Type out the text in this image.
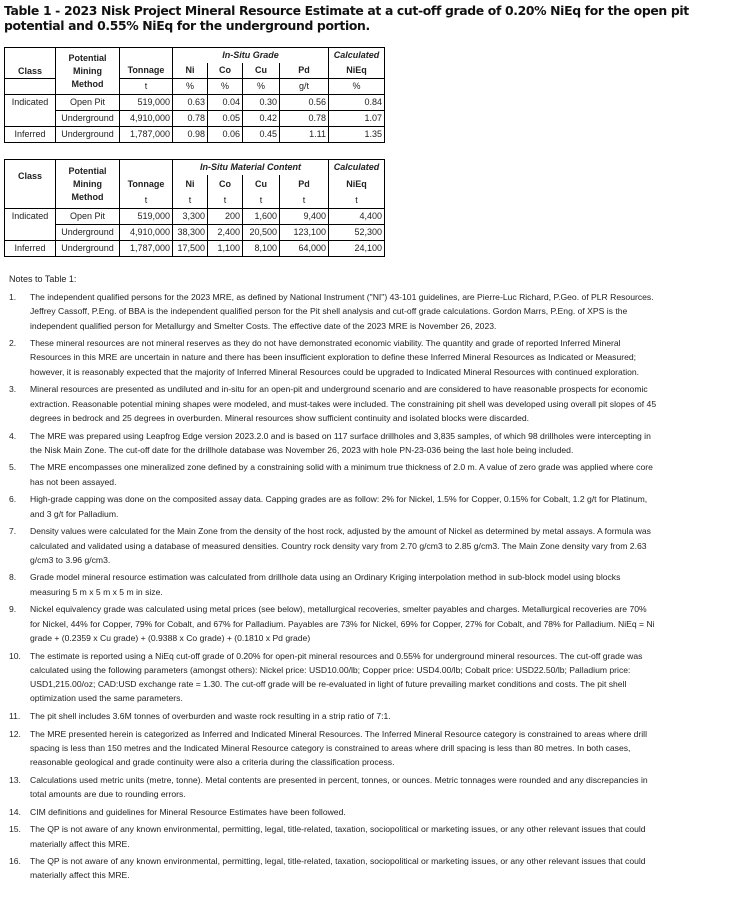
Table 1 - 2023 Nisk Project Mineral Resource Estimate at a cut-off grade of 0.20% NiEq for the open pit potential and 0.55% NiEq for the underground portion.
Class	Potential
Mining
Method		In-Situ Grade				Calculated
		Tonnage	Ni	Co	Cu	Pd	NiEq
		t	%	%	%	g/t	%
Indicated	Open Pit	519,000	0.63	0.04	0.30	0.56	0.84
	Underground	4,910,000	0.78	0.05	0.42	0.78	1.07
Inferred	Underground	1,787,000	0.98	0.06	0.45	1.11	1.35
Class	Potential
Mining
Method		In-Situ Material Content				Calculated
		Tonnage	Ni	Co	Cu	Pd	NiEq
		t	t	t	t	t	t
Indicated	Open Pit	519,000	3,300	200	1,600	9,400	4,400
	Underground	4,910,000	38,300	2,400	20,500	123,100	52,300
Inferred	Underground	1,787,000	17,500	1,100	8,100	64,000	24,100
Notes to Table 1:
1. The independent qualified persons for the 2023 MRE, as defined by National Instrument ("NI") 43-101 guidelines, are Pierre-Luc Richard, P.Geo. of PLR Resources. Jeffrey Cassoff, P.Eng. of BBA is the independent qualified person for the Pit shell analysis and cut-off grade calculations. Gordon Marrs, P.Eng. of XPS is the independent qualified person for Metallurgy and Smelter Costs. The effective date of the 2023 MRE is November 26, 2023.
2. These mineral resources are not mineral reserves as they do not have demonstrated economic viability. The quantity and grade of reported Inferred Mineral Resources in this MRE are uncertain in nature and there has been insufficient exploration to define these Inferred Mineral Resources as Indicated or Measured; however, it is reasonably expected that the majority of Inferred Mineral Resources could be upgraded to Indicated Mineral Resources with continued exploration.
3. Mineral resources are presented as undiluted and in-situ for an open-pit and underground scenario and are considered to have reasonable prospects for economic extraction. Reasonable potential mining shapes were modeled, and must-takes were included. The constraining pit shell was developed using overall pit slopes of 45 degrees in bedrock and 25 degrees in overburden. Mineral resources show sufficient continuity and isolated blocks were discarded.
4. The MRE was prepared using Leapfrog Edge version 2023.2.0 and is based on 117 surface drillholes and 3,835 samples, of which 98 drillholes were intercepting in the Nisk Main Zone. The cut-off date for the drillhole database was November 26, 2023 with hole PN-23-036 being the last hole being included.
5. The MRE encompasses one mineralized zone defined by a constraining solid with a minimum true thickness of 2.0 m. A value of zero grade was applied where core has not been assayed.
6. High-grade capping was done on the composited assay data. Capping grades are as follow: 2% for Nickel, 1.5% for Copper, 0.15% for Cobalt, 1.2 g/t for Platinum, and 3 g/t for Palladium.
7. Density values were calculated for the Main Zone from the density of the host rock, adjusted by the amount of Nickel as determined by metal assays. A formula was calculated and validated using a database of measured densities. Country rock density vary from 2.70 g/cm3 to 2.85 g/cm3. The Main Zone density vary from 2.63 g/cm3 to 3.96 g/cm3.
8. Grade model mineral resource estimation was calculated from drillhole data using an Ordinary Kriging interpolation method in sub-block model using blocks measuring 5 m x 5 m x 5 m in size.
9. Nickel equivalency grade was calculated using metal prices (see below), metallurgical recoveries, smelter payables and charges. Metallurgical recoveries are 70% for Nickel, 44% for Copper, 79% for Cobalt, and 67% for Palladium. Payables are 73% for Nickel, 69% for Copper, 27% for Cobalt, and 78% for Palladium. NiEq = Ni grade + (0.2359 x Cu grade) + (0.9388 x Co grade) + (0.1810 x Pd grade)
10. The estimate is reported using a NiEq cut-off grade of 0.20% for open-pit mineral resources and 0.55% for underground mineral resources. The cut-off grade was calculated using the following parameters (amongst others): Nickel price: USD10.00/lb; Copper price: USD4.00/lb; Cobalt price: USD22.50/lb; Palladium price: USD1,215.00/oz; CAD:USD exchange rate = 1.30. The cut-off grade will be re-evaluated in light of future prevailing market conditions and costs. The pit shell optimization used the same parameters.
11. The pit shell includes 3.6M tonnes of overburden and waste rock resulting in a strip ratio of 7:1.
12. The MRE presented herein is categorized as Inferred and Indicated Mineral Resources. The Inferred Mineral Resource category is constrained to areas where drill spacing is less than 150 metres and the Indicated Mineral Resource category is constrained to areas where drill spacing is less than 80 metres. In both cases, reasonable geological and grade continuity were also a criteria during the classification process.
13. Calculations used metric units (metre, tonne). Metal contents are presented in percent, tonnes, or ounces. Metric tonnages were rounded and any discrepancies in total amounts are due to rounding errors.
14. CIM definitions and guidelines for Mineral Resource Estimates have been followed.
15. The QP is not aware of any known environmental, permitting, legal, title-related, taxation, sociopolitical or marketing issues, or any other relevant issues that could materially affect this MRE.
16. The QP is not aware of any known environmental, permitting, legal, title-related, taxation, sociopolitical or marketing issues, or any other relevant issues that could materially affect this MRE.
